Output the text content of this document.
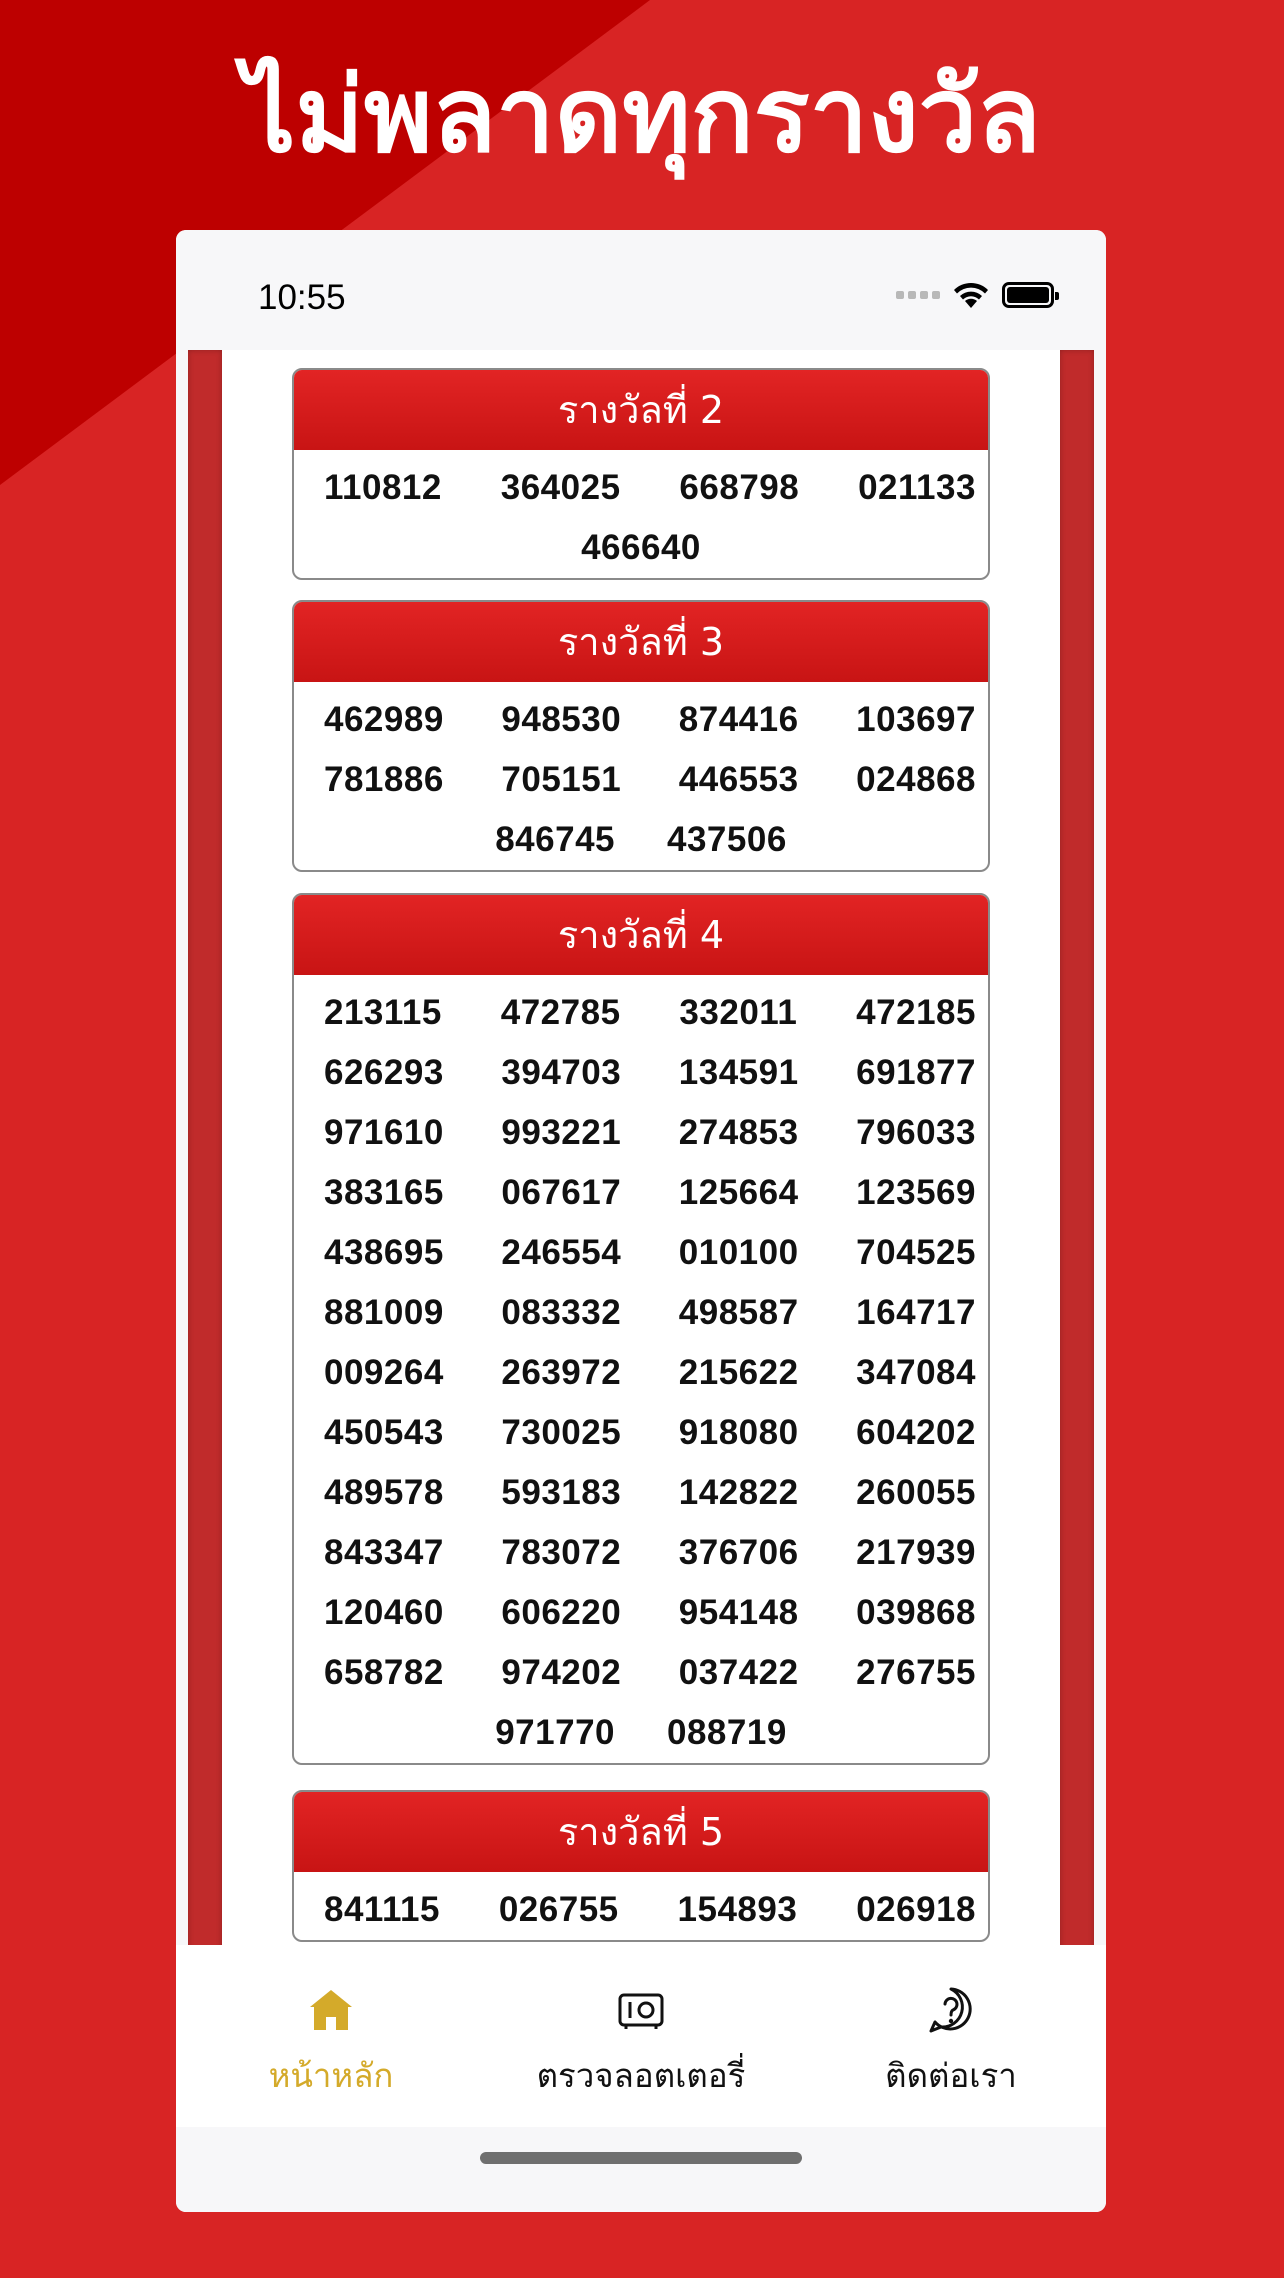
ไม่พลาดทุกรางวัล
10:55
รางวัลที่ 2
110812 364025 668798 021133
466640
รางวัลที่ 3
462989 948530 874416 103697
781886 705151 446553 024868
846745 437506
รางวัลที่ 4
213115 472785 332011 472185
626293 394703 134591 691877
971610 993221 274853 796033
383165 067617 125664 123569
438695 246554 010100 704525
881009 083332 498587 164717
009264 263972 215622 347084
450543 730025 918080 604202
489578 593183 142822 260055
843347 783072 376706 217939
120460 606220 954148 039868
658782 974202 037422 276755
971770 088719
รางวัลที่ 5
841115 026755 154893 026918
หน้าหลัก	ตรวจลอตเตอรี่	ติดต่อเรา
